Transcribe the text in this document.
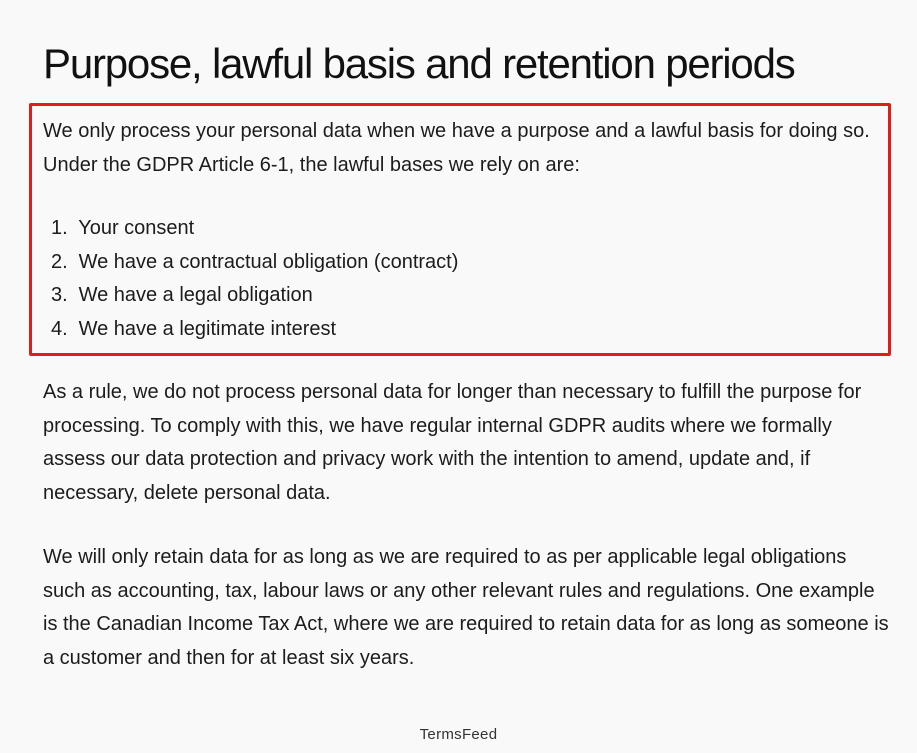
Purpose, lawful basis and retention periods

We only process your personal data when we have a purpose and a lawful basis for doing so. Under the GDPR Article 6-1, the lawful bases we rely on are:

1. Your consent
2. We have a contractual obligation (contract)
3. We have a legal obligation
4. We have a legitimate interest

As a rule, we do not process personal data for longer than necessary to fulfill the purpose for processing. To comply with this, we have regular internal GDPR audits where we formally assess our data protection and privacy work with the intention to amend, update and, if necessary, delete personal data.

We will only retain data for as long as we are required to as per applicable legal obligations such as accounting, tax, labour laws or any other relevant rules and regulations. One example is the Canadian Income Tax Act, where we are required to retain data for as long as someone is a customer and then for at least six years.

TermsFeed
